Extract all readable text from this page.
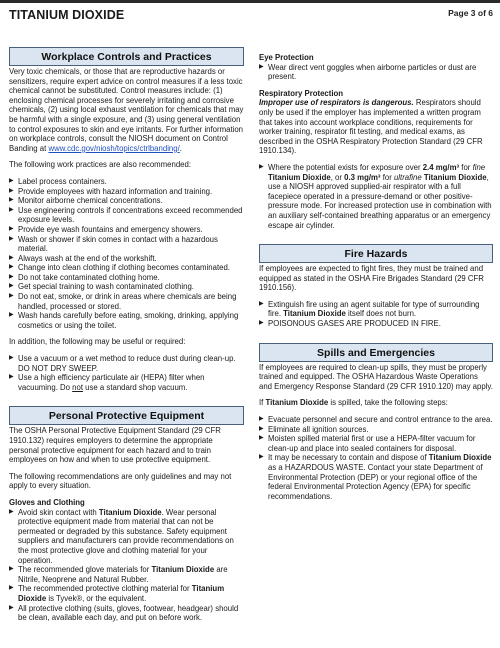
TITANIUM DIOXIDE	Page 3 of 6
Workplace Controls and Practices

Very toxic chemicals, or those that are reproductive hazards or sensitizers, require expert advice on control measures if a less toxic chemical cannot be substituted. Control measures include: (1) enclosing chemical processes for severely irritating and corrosive chemicals, (2) using local exhaust ventilation for chemicals that may be harmful with a single exposure, and (3) using general ventilation to control exposures to skin and eye irritants. For further information on workplace controls, consult the NIOSH document on Control Banding at www.cdc.gov/niosh/topics/ctrlbanding/.

The following work practices are also recommended:

▶ Label process containers.
▶ Provide employees with hazard information and training.
▶ Monitor airborne chemical concentrations.
▶ Use engineering controls if concentrations exceed recommended exposure levels.
▶ Provide eye wash fountains and emergency showers.
▶ Wash or shower if skin comes in contact with a hazardous material.
▶ Always wash at the end of the workshift.
▶ Change into clean clothing if clothing becomes contaminated.
▶ Do not take contaminated clothing home.
▶ Get special training to wash contaminated clothing.
▶ Do not eat, smoke, or drink in areas where chemicals are being handled, processed or stored.
▶ Wash hands carefully before eating, smoking, drinking, applying cosmetics or using the toilet.

In addition, the following may be useful or required:

▶ Use a vacuum or a wet method to reduce dust during clean-up. DO NOT DRY SWEEP.
▶ Use a high efficiency particulate air (HEPA) filter when vacuuming. Do not use a standard shop vacuum.
Personal Protective Equipment

The OSHA Personal Protective Equipment Standard (29 CFR 1910.132) requires employers to determine the appropriate personal protective equipment for each hazard and to train employees on how and when to use protective equipment.

The following recommendations are only guidelines and may not apply to every situation.

Gloves and Clothing

▶ Avoid skin contact with Titanium Dioxide. Wear personal protective equipment made from material that can not be permeated or degraded by this substance. Safety equipment suppliers and manufacturers can provide recommendations on the most protective glove and clothing material for your operation.
▶ The recommended glove materials for Titanium Dioxide are Nitrile, Neoprene and Natural Rubber.
▶ The recommended protective clothing material for Titanium Dioxide is Tyvek®, or the equivalent.
▶ All protective clothing (suits, gloves, footwear, headgear) should be clean, available each day, and put on before work.

Eye Protection

▶ Wear direct vent goggles when airborne particles or dust are present.

Respiratory Protection

Improper use of respirators is dangerous. Respirators should only be used if the employer has implemented a written program that takes into account workplace conditions, requirements for worker training, respirator fit testing, and medical exams, as described in the OSHA Respiratory Protection Standard (29 CFR 1910.134).

▶ Where the potential exists for exposure over 2.4 mg/m³ for fine Titanium Dioxide, or 0.3 mg/m³ for ultrafine Titanium Dioxide, use a NIOSH approved supplied-air respirator with a full facepiece operated in a pressure-demand or other positive-pressure mode. For increased protection use in combination with an auxiliary self-contained breathing apparatus or an emergency escape air cylinder.
Fire Hazards

If employees are expected to fight fires, they must be trained and equipped as stated in the OSHA Fire Brigades Standard (29 CFR 1910.156).

▶ Extinguish fire using an agent suitable for type of surrounding fire. Titanium Dioxide itself does not burn.
▶ POISONOUS GASES ARE PRODUCED IN FIRE.
Spills and Emergencies

If employees are required to clean-up spills, they must be properly trained and equipped. The OSHA Hazardous Waste Operations and Emergency Response Standard (29 CFR 1910.120) may apply.

If Titanium Dioxide is spilled, take the following steps:

▶ Evacuate personnel and secure and control entrance to the area.
▶ Eliminate all ignition sources.
▶ Moisten spilled material first or use a HEPA-filter vacuum for clean-up and place into sealed containers for disposal.
▶ It may be necessary to contain and dispose of Titanium Dioxide as a HAZARDOUS WASTE. Contact your state Department of Environmental Protection (DEP) or your regional office of the federal Environmental Protection Agency (EPA) for specific recommendations.
